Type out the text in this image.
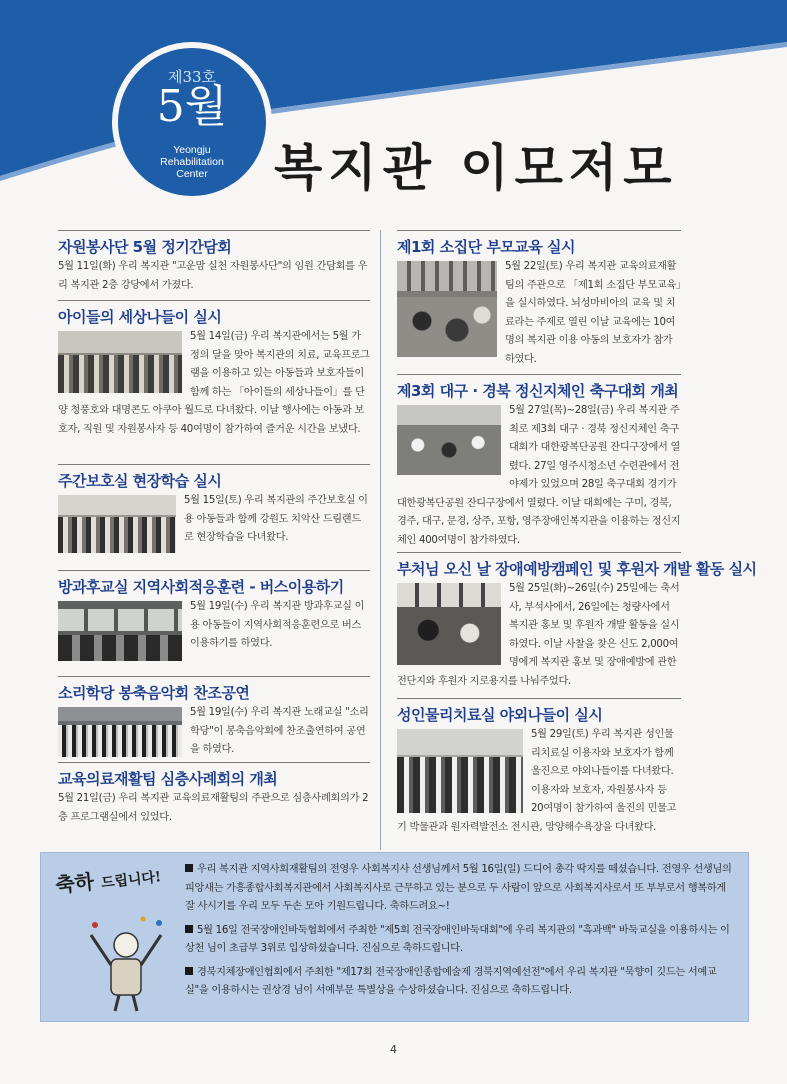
제33호
5월
Yeongju
Rehabilitation
Center	복지관 이모저모
자원봉사단 5월 정기간담회

5월 11일(화) 우리 복지관 "고운맘 실천 자원봉사단"의 임원 간담회를 우리 복지관 2층 강당에서 가졌다.

아이들의 세상나들이 실시

5월 14일(금) 우리 복지관에서는 5월 가정의 달을 맞아 복지관의 치료, 교육프로그램을 이용하고 있는 아동들과 보호자들이 함께 하는 「아이들의 세상나들이」를 단양 청풍호와 대명콘도 아쿠아 월드로 다녀왔다. 이날 행사에는 아동과 보호자, 직원 및 자원봉사자 등 40여명이 참가하여 즐거운 시간을 보냈다.

주간보호실 현장학습 실시

5월 15일(토) 우리 복지관의 주간보호실 이용 아동들과 함께 강원도 치악산 드림랜드로 현장학습을 다녀왔다.

방과후교실 지역사회적응훈련 - 버스이용하기

5월 19일(수) 우리 복지관 방과후교실 이용 아동들이 지역사회적응훈련으로 버스이용하기를 하였다.

소리학당 봉축음악회 찬조공연

5월 19일(수) 우리 복지관 노래교실 "소리학당"이 봉축음악회에 찬조출연하여 공연을 하였다.

교육의료재활팀 심층사례회의 개최

5월 21일(금) 우리 복지관 교육의료재활팀의 주관으로 심층사례회의가 2층 프로그램실에서 있었다.

제1회 소집단 부모교육 실시

5월 22일(토) 우리 복지관 교육의료재활팀의 주관으로 「제1회 소집단 부모교육」을 실시하였다. 뇌성마비아의 교육 및 치료라는 주제로 열린 이날 교육에는 10여명의 복지관 이용 아동의 보호자가 참가하였다.

제3회 대구 · 경북 정신지체인 축구대회 개최

5월 27일(목)~28일(금) 우리 복지관 주최로 제3회 대구 · 경북 정신지체인 축구대회가 대한광복단공원 잔디구장에서 열렸다. 27일 영주시청소년 수련관에서 전야제가 있었으며 28일 축구대회 경기가 대한광복단공원 잔디구장에서 열렸다. 이날 대회에는 구미, 경북, 경주, 대구, 문경, 상주, 포항, 영주장애인복지관을 이용하는 정신지체인 400여명이 참가하였다.

부처님 오신 날 장애예방캠페인 및 후원자 개발 활동 실시

5월 25일(화)~26일(수) 25일에는 축서사, 부석사에서, 26일에는 청량사에서 복지관 홍보 및 후원자 개발 활동을 실시하였다. 이날 사찰을 찾은 신도 2,000여명에게 복지관 홍보 및 장애예방에 관한 전단지와 후원자 지로용지를 나눠주었다.

성인물리치료실 야외나들이 실시

5월 29일(토) 우리 복지관 성인물리치료실 이용자와 보호자가 함께 울진으로 야외나들이를 다녀왔다. 이용자와 보호자, 자원봉사자 등 20여명이 참가하여 울진의 민물고기 박물관과 원자력발전소 전시관, 망양해수욕장을 다녀왔다.

축하 드립니다!	우리 복지관 지역사회재활팀의 전영우 사회복지사 선생님께서 5월 16일(일) 드디어 총각 딱지를 떼셨습니다. 전영우 선생님의 피앙새는 가흥종합사회복지관에서 사회복지사로 근무하고 있는 분으로 두 사람이 앞으로 사회복지사로서 또 부부로서 행복하게 잘 사시기를 우리 모두 두손 모아 기원드립니다. 축하드려요~!
5월 16일 전국장애인바둑협회에서 주최한 "제5회 전국장애인바둑대회"에 우리 복지관의 "흑과백" 바둑교실을 이용하시는 이상천 님이 초급부 3위로 입상하셨습니다. 진심으로 축하드립니다.
경북지체장애인협회에서 주최한 "제17회 전국장애인종합예술제 경북지역예선전"에서 우리 복지관 "묵향이 깃드는 서예교실"을 이용하시는 권상경 님이 서예부문 특별상을 수상하셨습니다. 진심으로 축하드립니다.
4
